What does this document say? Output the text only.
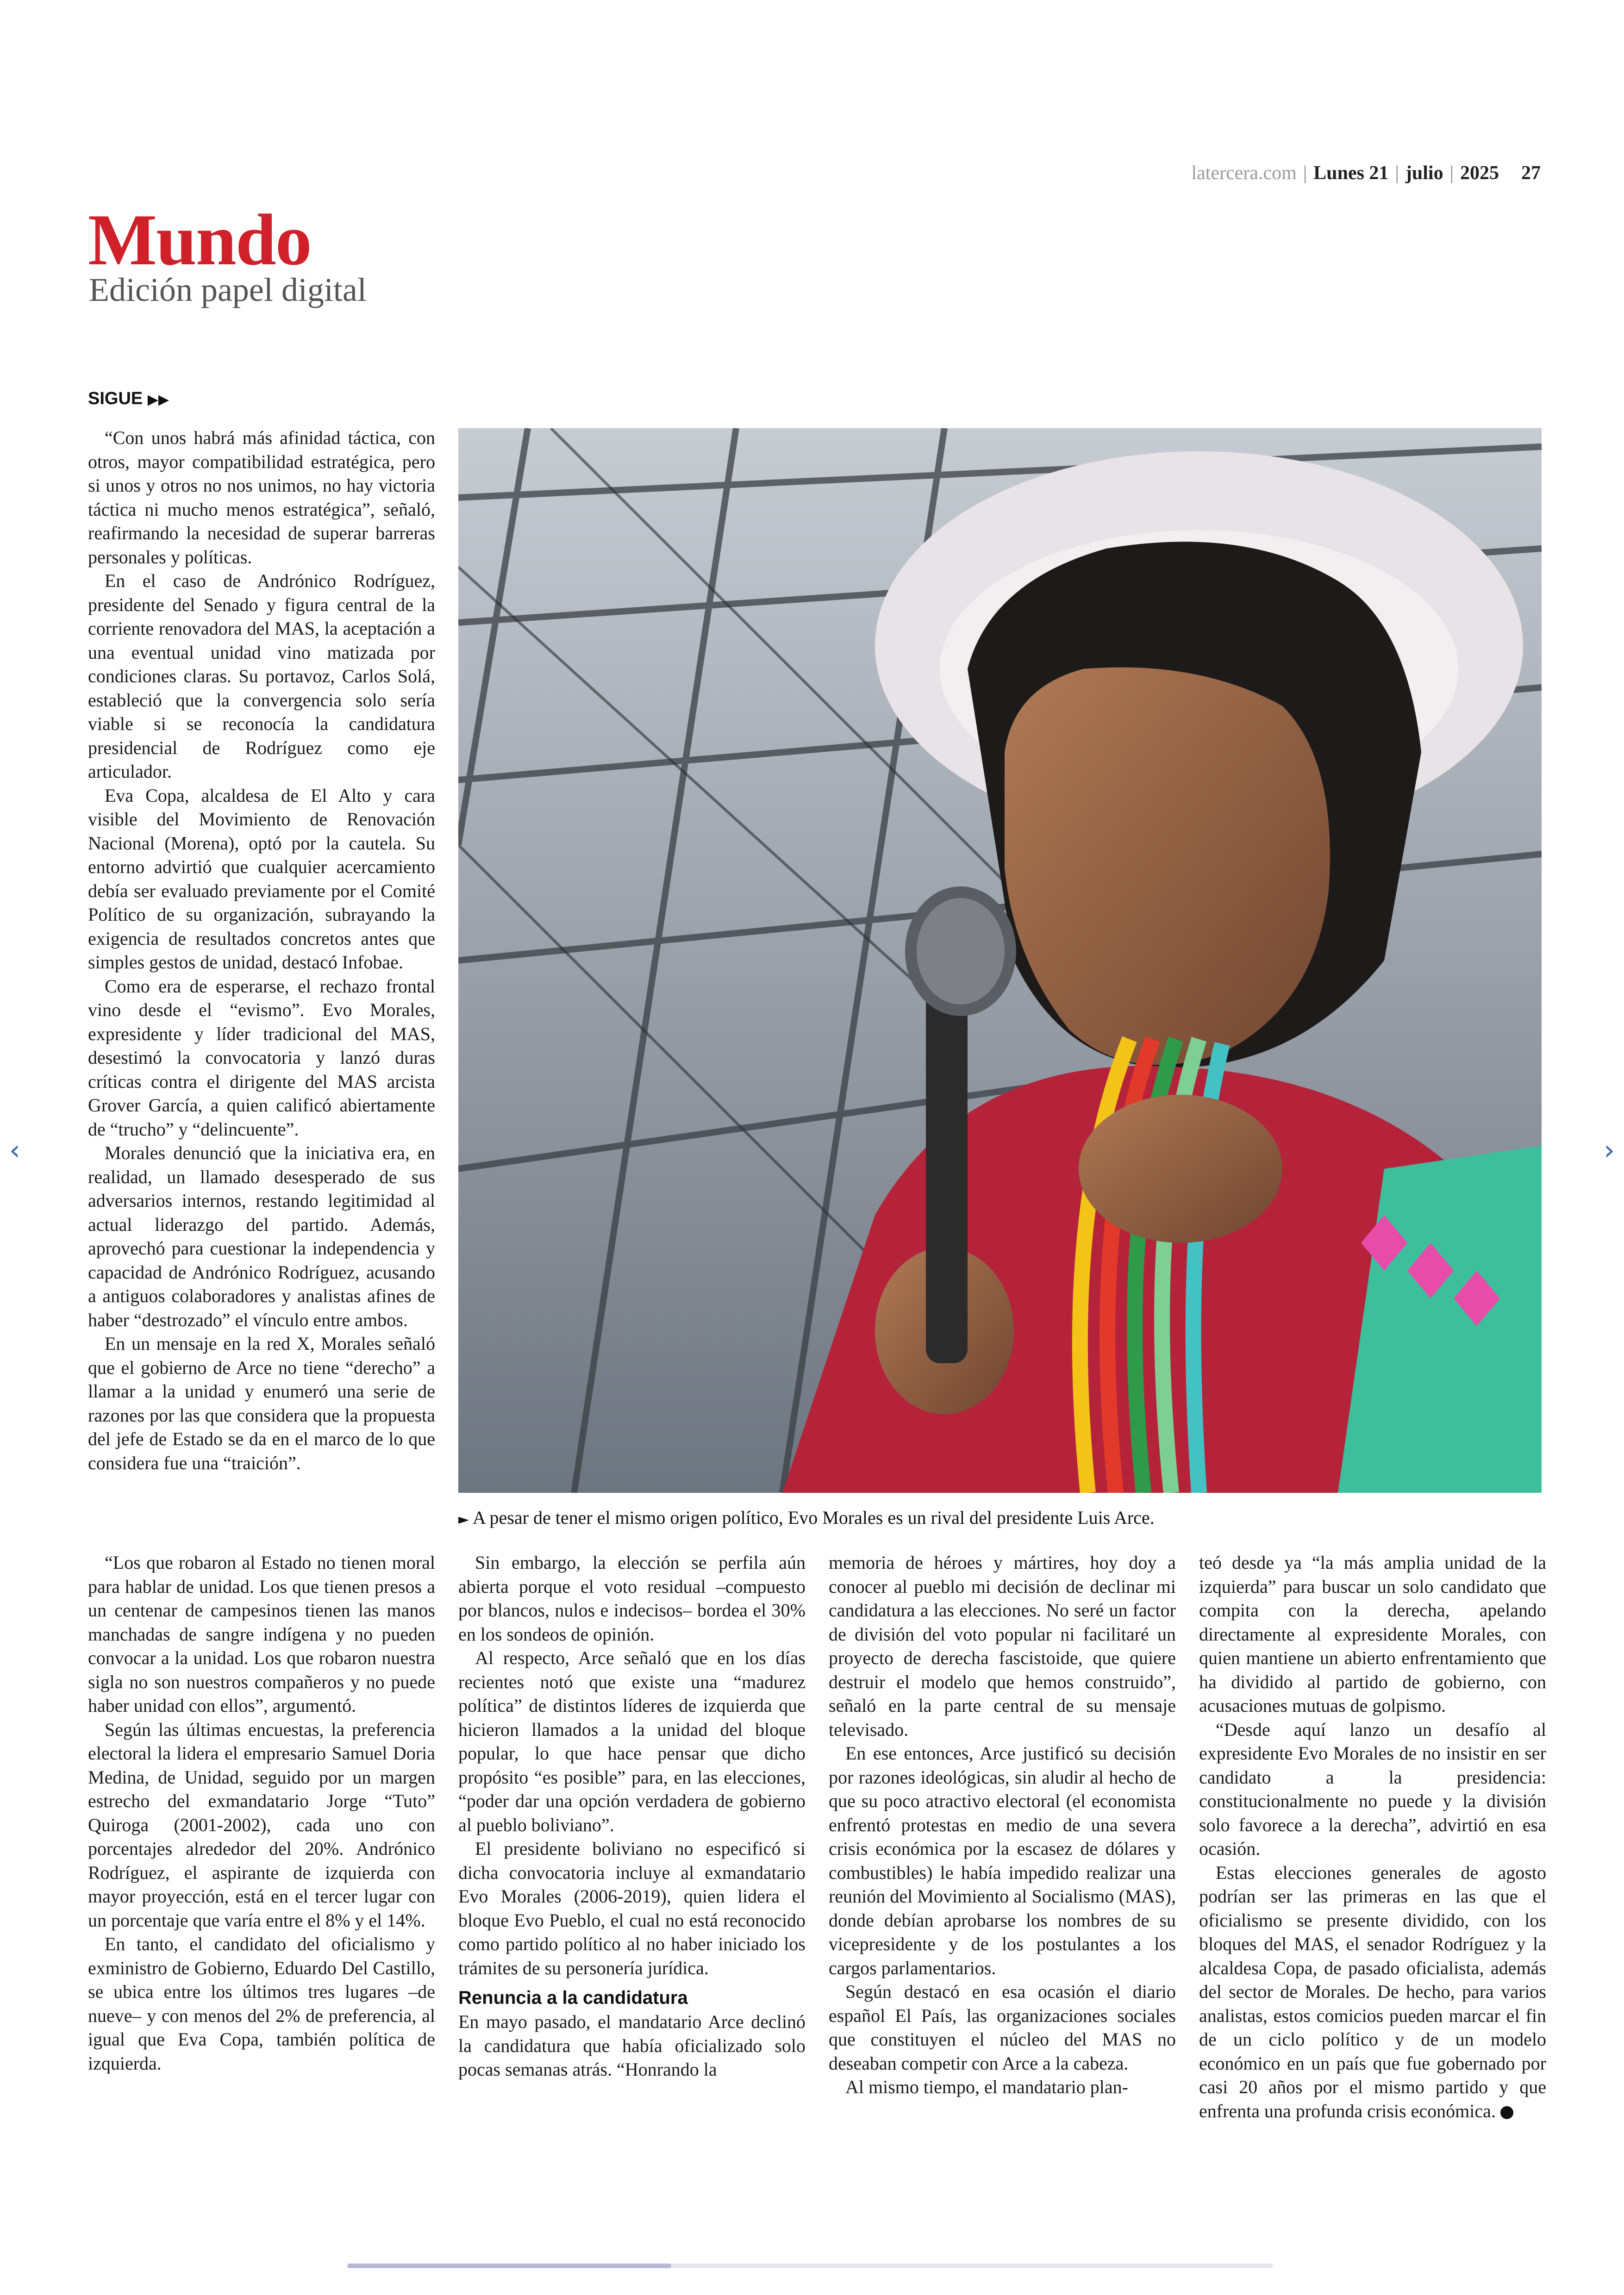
latercera.com | Lunes 21 | julio | 2025 27
Mundo
Edición papel digital
SIGUE ▶▶

“Con unos habrá más afinidad táctica, con otros, mayor compatibilidad estratégica, pero si unos y otros no nos unimos, no hay victoria táctica ni mucho menos estratégica”, señaló, reafirmando la necesidad de superar barreras personales y políticas.

En el caso de Andrónico Rodríguez, presidente del Senado y figura central de la corriente renovadora del MAS, la aceptación a una eventual unidad vino matizada por condiciones claras. Su portavoz, Carlos Solá, estableció que la convergencia solo sería viable si se reconocía la candidatura presidencial de Rodríguez como eje articulador.

Eva Copa, alcaldesa de El Alto y cara visible del Movimiento de Renovación Nacional (Morena), optó por la cautela. Su entorno advirtió que cualquier acercamiento debía ser evaluado previamente por el Comité Político de su organización, subrayando la exigencia de resultados concretos antes que simples gestos de unidad, destacó Infobae.

Como era de esperarse, el rechazo frontal vino desde el “evismo”. Evo Morales, expresidente y líder tradicional del MAS, desestimó la convocatoria y lanzó duras críticas contra el dirigente del MAS arcista Grover García, a quien calificó abiertamente de “trucho” y “delincuente”.

Morales denunció que la iniciativa era, en realidad, un llamado desesperado de sus adversarios internos, restando legitimidad al actual liderazgo del partido. Además, aprovechó para cuestionar la independencia y capacidad de Andrónico Rodríguez, acusando a antiguos colaboradores y analistas afines de haber “destrozado” el vínculo entre ambos.

En un mensaje en la red X, Morales señaló que el gobierno de Arce no tiene “derecho” a llamar a la unidad y enumeró una serie de razones por las que considera que la propuesta del jefe de Estado se da en el marco de lo que considera fue una “traición”.

► A pesar de tener el mismo origen político, Evo Morales es un rival del presidente Luis Arce.

“Los que robaron al Estado no tienen moral para hablar de unidad. Los que tienen presos a un centenar de campesinos tienen las manos manchadas de sangre indígena y no pueden convocar a la unidad. Los que robaron nuestra sigla no son nuestros compañeros y no puede haber unidad con ellos”, argumentó.

Según las últimas encuestas, la preferencia electoral la lidera el empresario Samuel Doria Medina, de Unidad, seguido por un margen estrecho del exmandatario Jorge “Tuto” Quiroga (2001-2002), cada uno con porcentajes alrededor del 20%. Andrónico Rodríguez, el aspirante de izquierda con mayor proyección, está en el tercer lugar con un porcentaje que varía entre el 8% y el 14%.

En tanto, el candidato del oficialismo y exministro de Gobierno, Eduardo Del Castillo, se ubica entre los últimos tres lugares –de nueve– y con menos del 2% de preferencia, al igual que Eva Copa, también política de izquierda.

Sin embargo, la elección se perfila aún abierta porque el voto residual –compuesto por blancos, nulos e indecisos– bordea el 30% en los sondeos de opinión.

Al respecto, Arce señaló que en los días recientes notó que existe una “madurez política” de distintos líderes de izquierda que hicieron llamados a la unidad del bloque popular, lo que hace pensar que dicho propósito “es posible” para, en las elecciones, “poder dar una opción verdadera de gobierno al pueblo boliviano”.

El presidente boliviano no especificó si dicha convocatoria incluye al exmandatario Evo Morales (2006-2019), quien lidera el bloque Evo Pueblo, el cual no está reconocido como partido político al no haber iniciado los trámites de su personería jurídica.

Renuncia a la candidatura

En mayo pasado, el mandatario Arce declinó la candidatura que había oficializado solo pocas semanas atrás. “Honrando la

memoria de héroes y mártires, hoy doy a conocer al pueblo mi decisión de declinar mi candidatura a las elecciones. No seré un factor de división del voto popular ni facilitaré un proyecto de derecha fascistoide, que quiere destruir el modelo que hemos construido”, señaló en la parte central de su mensaje televisado.

En ese entonces, Arce justificó su decisión por razones ideológicas, sin aludir al hecho de que su poco atractivo electoral (el economista enfrentó protestas en medio de una severa crisis económica por la escasez de dólares y combustibles) le había impedido realizar una reunión del Movimiento al Socialismo (MAS), donde debían aprobarse los nombres de su vicepresidente y de los postulantes a los cargos parlamentarios.

Según destacó en esa ocasión el diario español El País, las organizaciones sociales que constituyen el núcleo del MAS no deseaban competir con Arce a la cabeza.

Al mismo tiempo, el mandatario plan-

teó desde ya “la más amplia unidad de la izquierda” para buscar un solo candidato que compita con la derecha, apelando directamente al expresidente Morales, con quien mantiene un abierto enfrentamiento que ha dividido al partido de gobierno, con acusaciones mutuas de golpismo.

“Desde aquí lanzo un desafío al expresidente Evo Morales de no insistir en ser candidato a la presidencia: constitucionalmente no puede y la división solo favorece a la derecha”, advirtió en esa ocasión.

Estas elecciones generales de agosto podrían ser las primeras en las que el oficialismo se presente dividido, con los bloques del MAS, el senador Rodríguez y la alcaldesa Copa, de pasado oficialista, además del sector de Morales. De hecho, para varios analistas, estos comicios pueden marcar el fin de un ciclo político y de un modelo económico en un país que fue gobernado por casi 20 años por el mismo partido y que enfrenta una profunda crisis económica.

‹	›
